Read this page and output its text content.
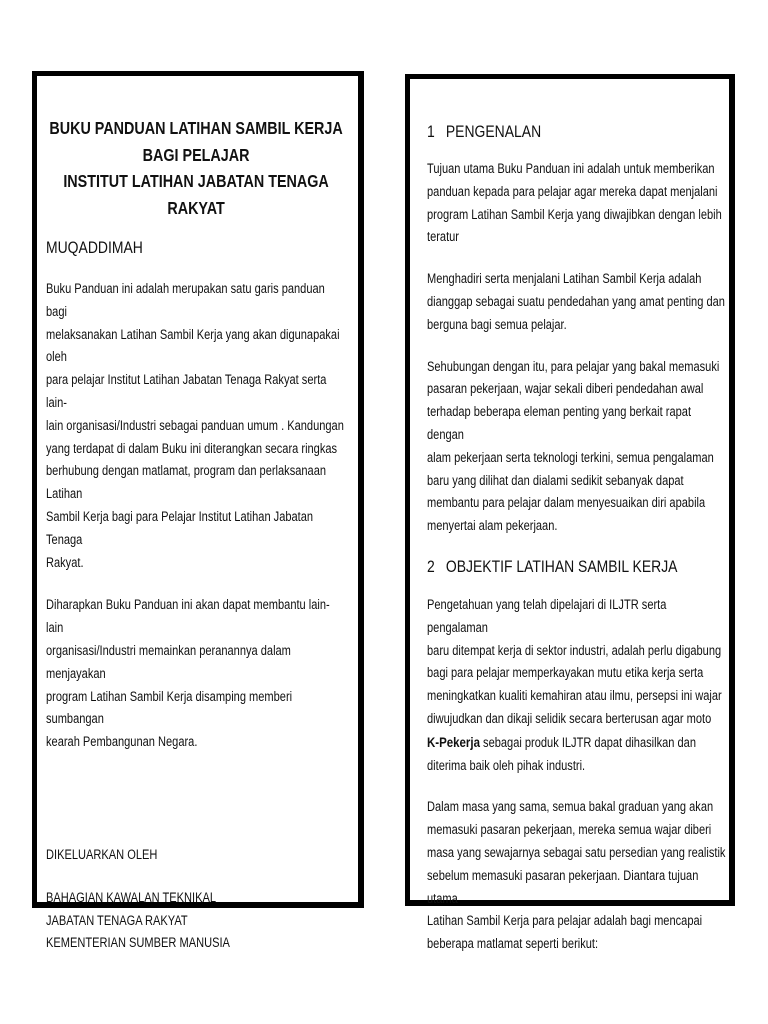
BUKU PANDUAN LATIHAN SAMBIL KERJA
BAGI PELAJAR
INSTITUT LATIHAN JABATAN TENAGA
RAKYAT
MUQADDIMAH
Buku Panduan ini adalah merupakan satu garis panduan bagi
melaksanakan Latihan Sambil Kerja yang akan digunapakai oleh
para pelajar Institut Latihan Jabatan Tenaga Rakyat serta lain-
lain organisasi/Industri sebagai panduan umum . Kandungan
yang terdapat di dalam Buku ini diterangkan secara ringkas
berhubung dengan matlamat, program dan perlaksanaan Latihan
Sambil Kerja bagi para Pelajar Institut Latihan Jabatan Tenaga
Rakyat.
Diharapkan Buku Panduan ini akan dapat membantu lain-lain
organisasi/Industri memainkan peranannya dalam menjayakan
program Latihan Sambil Kerja disamping memberi sumbangan
kearah Pembangunan Negara.
DIKELUARKAN OLEH
BAHAGIAN KAWALAN TEKNIKAL
JABATAN TENAGA RAKYAT
KEMENTERIAN SUMBER MANUSIA
1 PENGENALAN
Tujuan utama Buku Panduan ini adalah untuk memberikan
panduan kepada para pelajar agar mereka dapat menjalani
program Latihan Sambil Kerja yang diwajibkan dengan lebih
teratur
Menghadiri serta menjalani Latihan Sambil Kerja adalah
dianggap sebagai suatu pendedahan yang amat penting dan
berguna bagi semua pelajar.
Sehubungan dengan itu, para pelajar yang bakal memasuki
pasaran pekerjaan, wajar sekali diberi pendedahan awal
terhadap beberapa eleman penting yang berkait rapat dengan
alam pekerjaan serta teknologi terkini, semua pengalaman
baru yang dilihat dan dialami sedikit sebanyak dapat
membantu para pelajar dalam menyesuaikan diri apabila
menyertai alam pekerjaan.
2 OBJEKTIF LATIHAN SAMBIL KERJA
Pengetahuan yang telah dipelajari di ILJTR serta pengalaman
baru ditempat kerja di sektor industri, adalah perlu digabung
bagi para pelajar memperkayakan mutu etika kerja serta
meningkatkan kualiti kemahiran atau ilmu, persepsi ini wajar
diwujudkan dan dikaji selidik secara berterusan agar moto
K-Pekerja sebagai produk ILJTR dapat dihasilkan dan
diterima baik oleh pihak industri.
Dalam masa yang sama, semua bakal graduan yang akan
memasuki pasaran pekerjaan, mereka semua wajar diberi
masa yang sewajarnya sebagai satu persedian yang realistik
sebelum memasuki pasaran pekerjaan. Diantara tujuan utama
Latihan Sambil Kerja para pelajar adalah bagi mencapai
beberapa matlamat seperti berikut:
